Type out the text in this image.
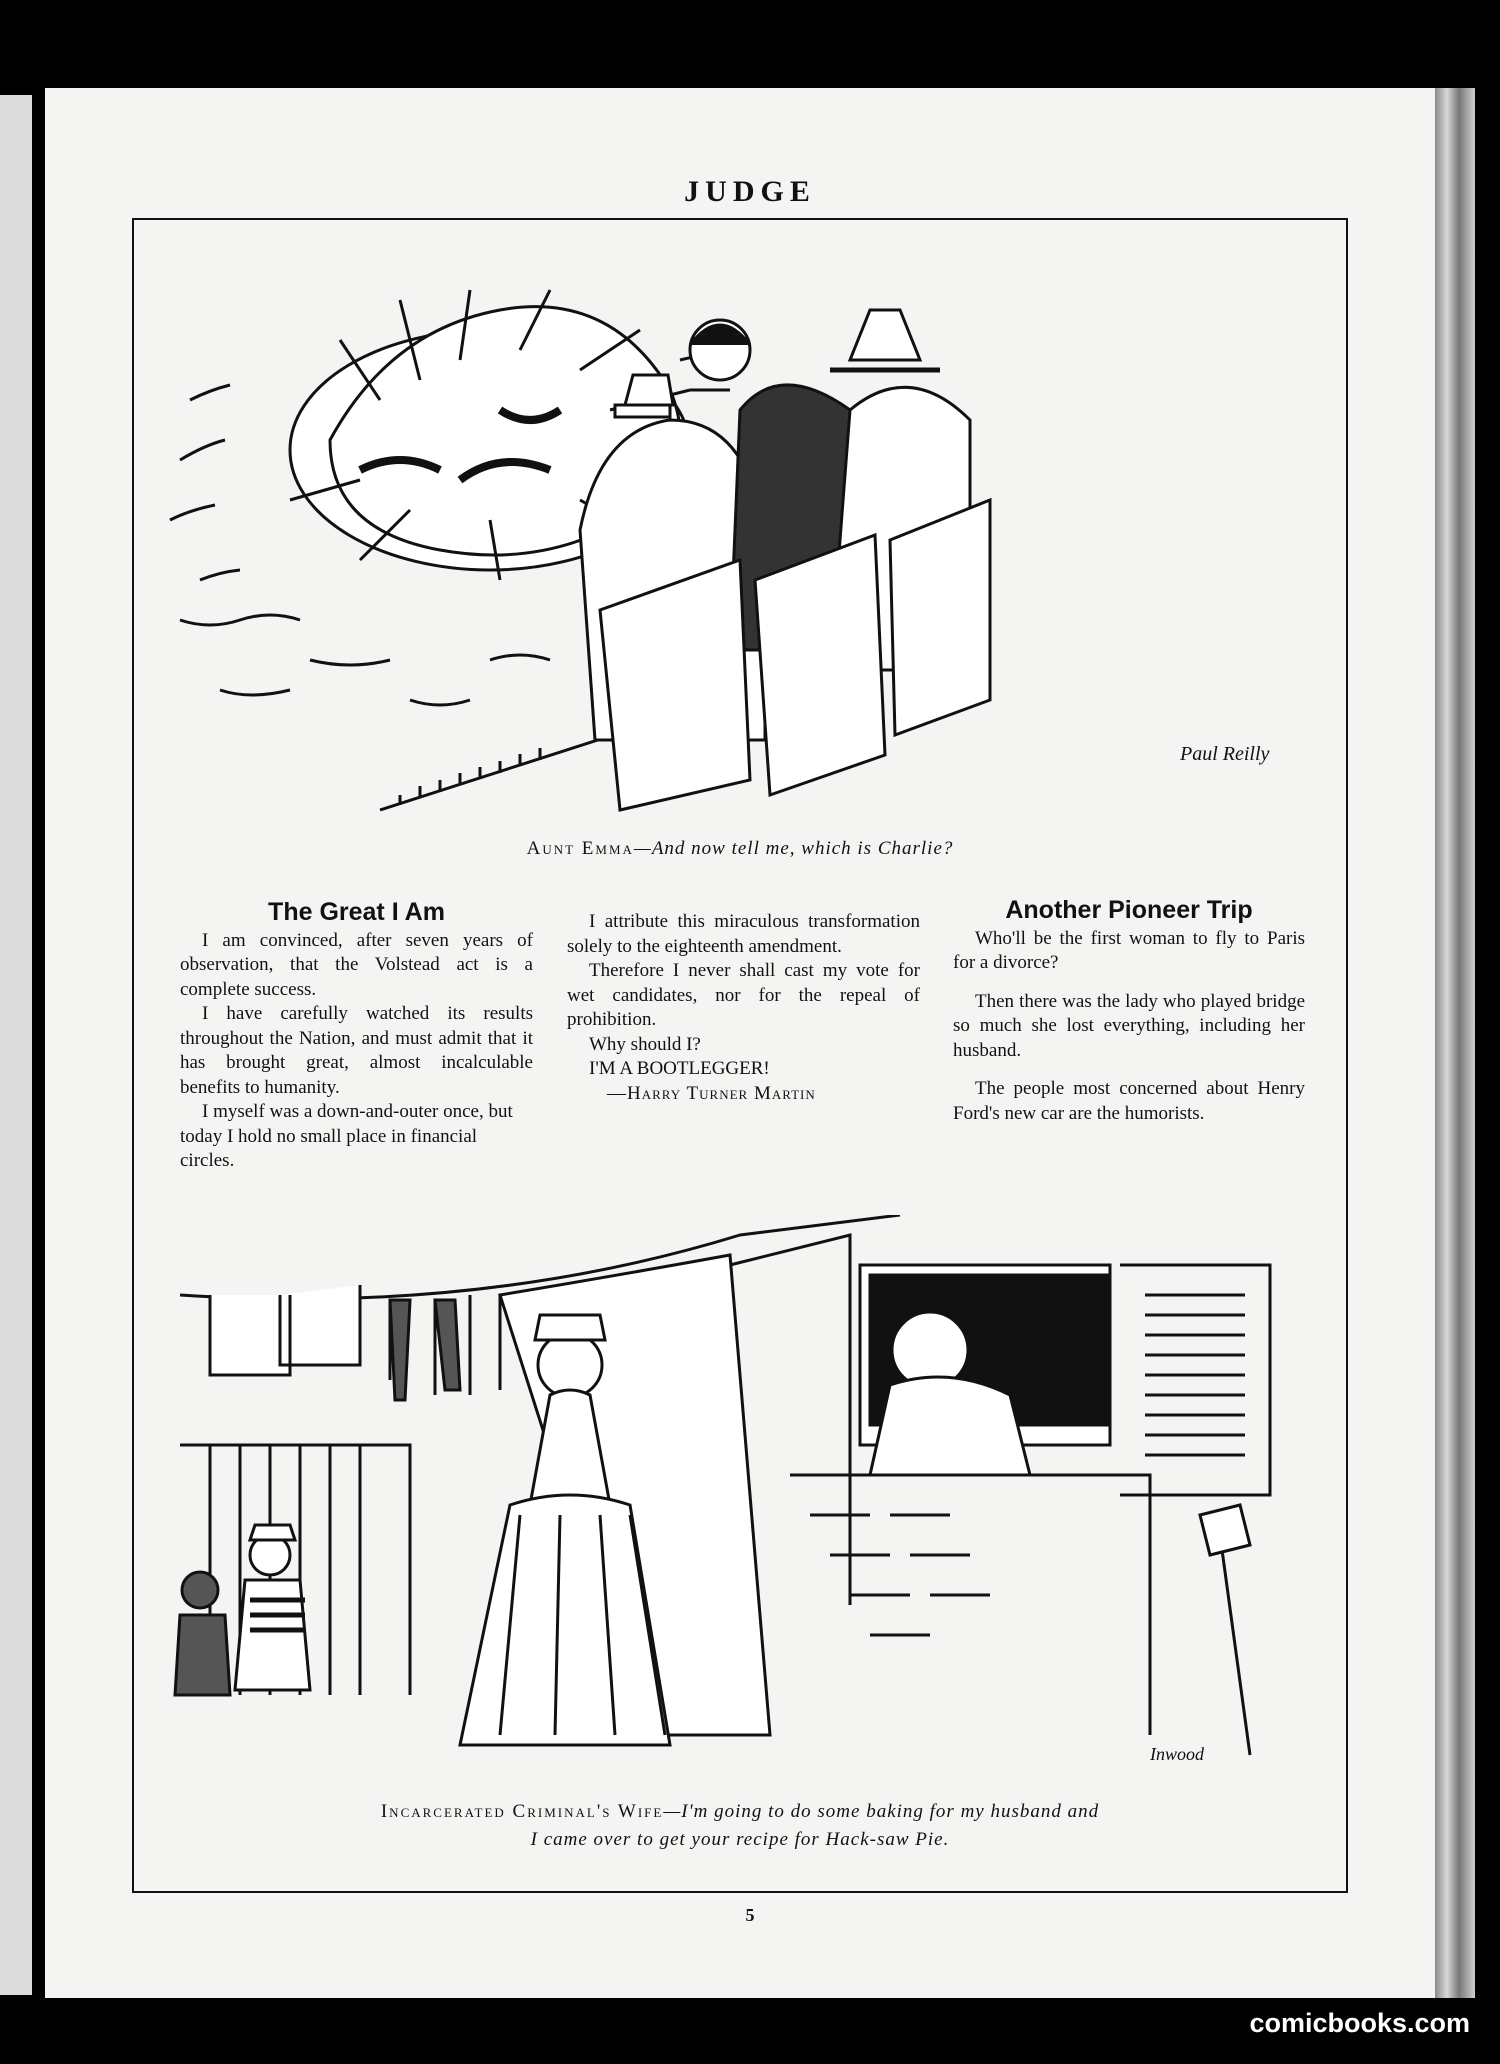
JUDGE
Paul Reilly
Aunt Emma—And now tell me, which is Charlie?
The Great I Am

I am convinced, after seven years of observation, that the Volstead act is a complete success.

I have carefully watched its results throughout the Nation, and must admit that it has brought great, almost incalculable benefits to humanity.

I myself was a down-and-outer once, but today I hold no small place in financial circles.

I attribute this miraculous transformation solely to the eighteenth amendment.

Therefore I never shall cast my vote for wet candidates, nor for the repeal of prohibition.

Why should I?

I'M A BOOTLEGGER!

—Harry Turner Martin

Another Pioneer Trip

Who'll be the first woman to fly to Paris for a divorce?

Then there was the lady who played bridge so much she lost everything, including her husband.

The people most concerned about Henry Ford's new car are the humorists.

Inwood
Incarcerated Criminal's Wife—I'm going to do some baking for my husband and
I came over to get your recipe for Hack-saw Pie.
5
comicbooks.com
